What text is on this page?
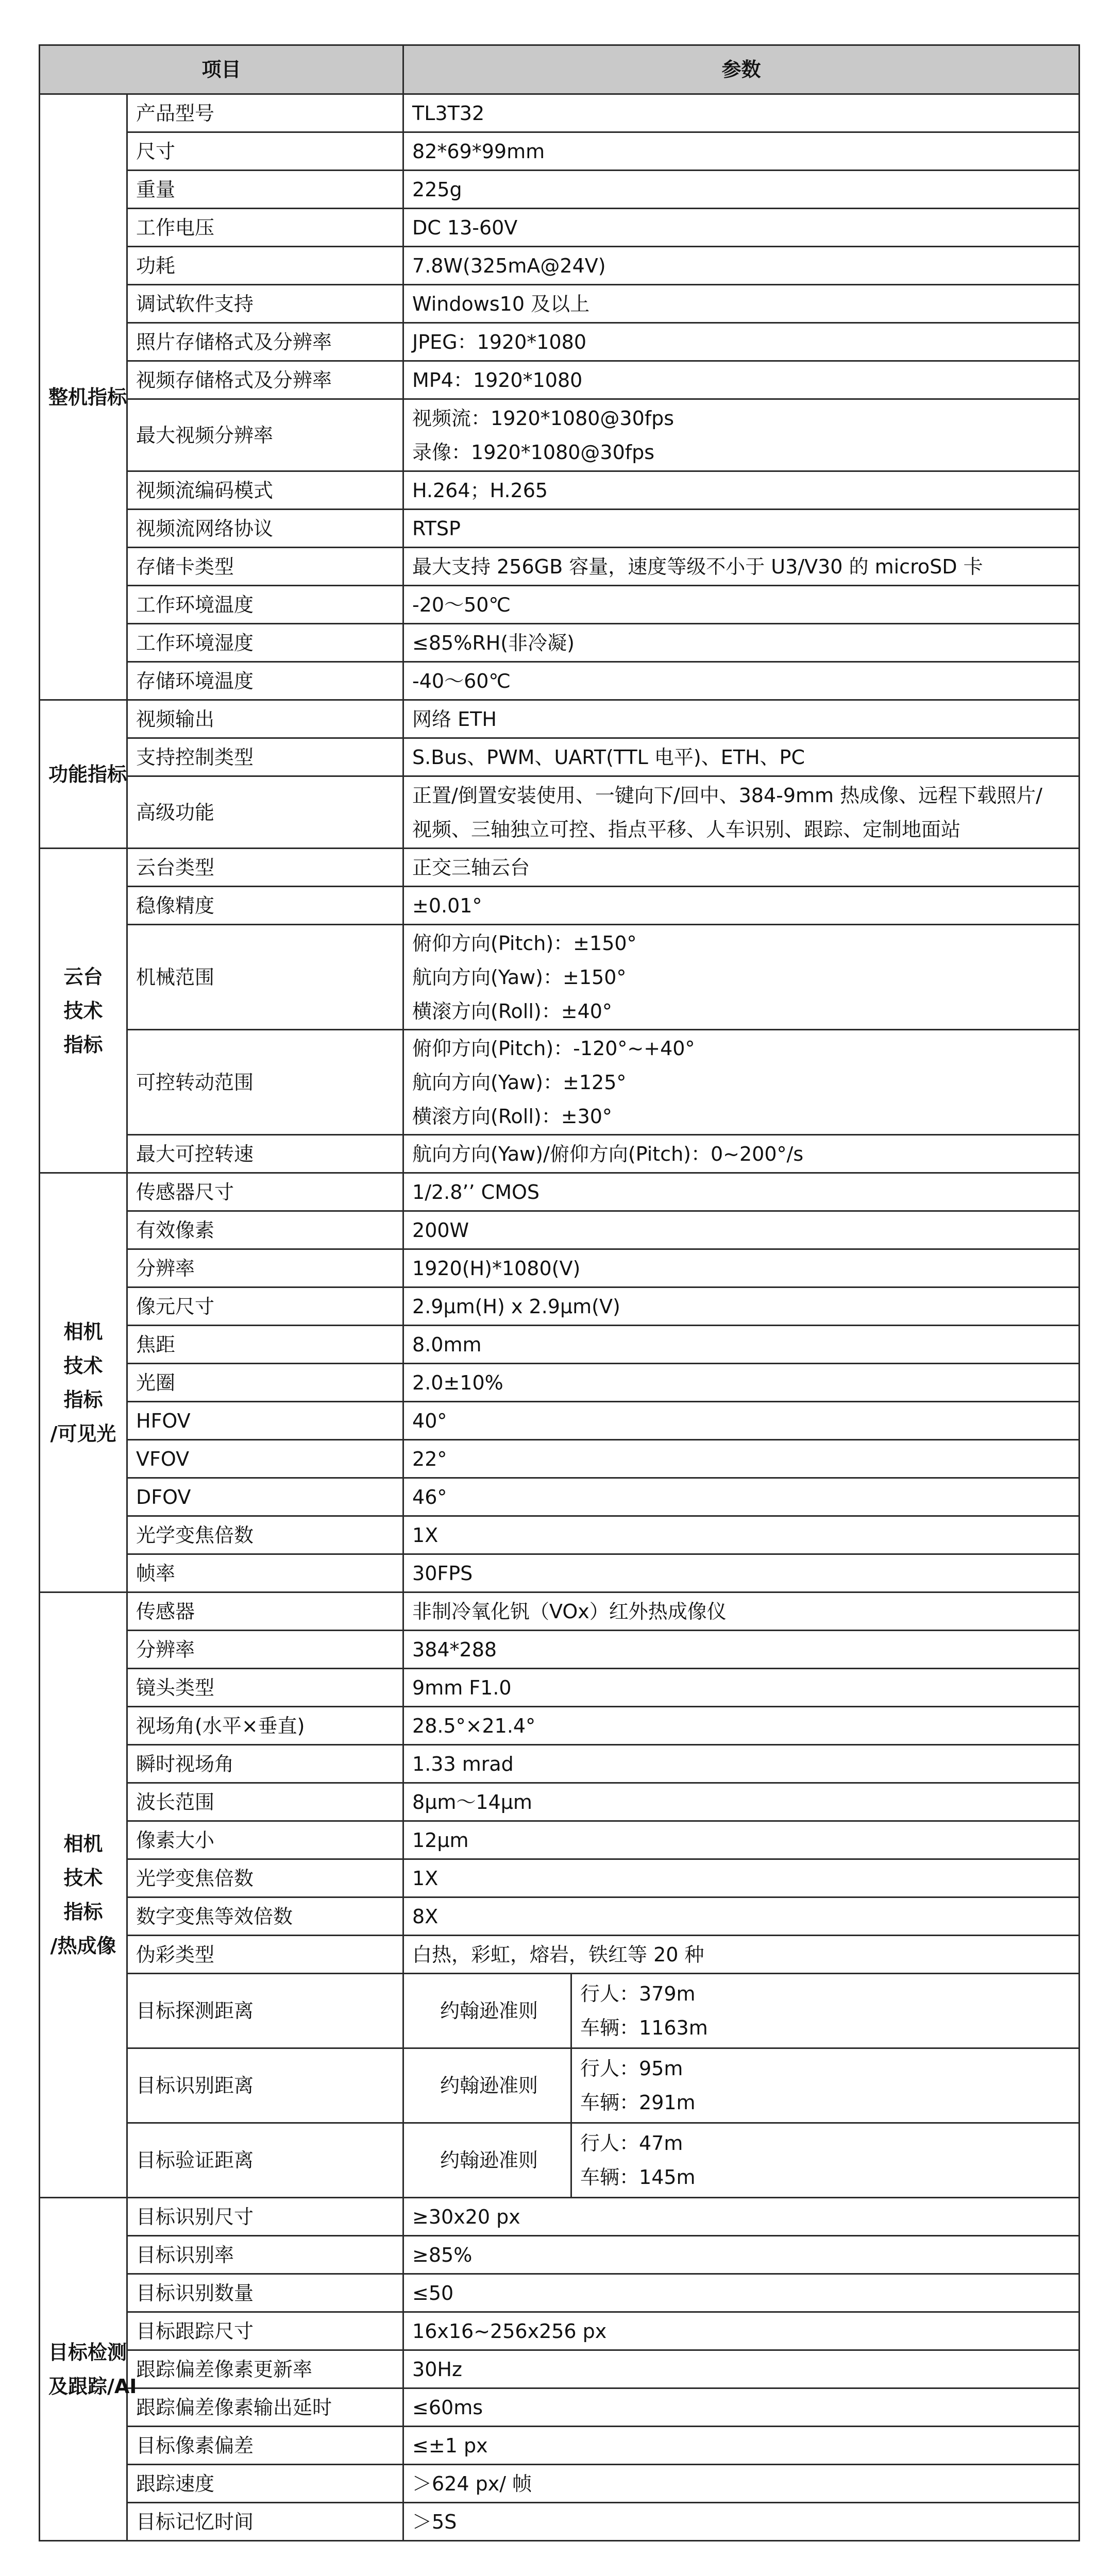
项目		参数	

整机指标	产品型号	TL3T32	
	尺寸	82*69*99mm	
	重量	225g	
	工作电压	DC 13-60V	
	功耗	7.8W(325mA@24V)	
	调试软件支持	Windows10 及以上	
	照片存储格式及分辨率	JPEG：1920*1080	
	视频存储格式及分辨率	MP4：1920*1080	
	最大视频分辨率	视频流：1920*1080@30fps
录像：1920*1080@30fps	

	视频流编码模式	H.264；H.265	
	视频流网络协议	RTSP	
	存储卡类型	最大支持 256GB 容量，速度等级不小于 U3/V30 的 microSD 卡	
	工作环境温度	-20～50℃	
	工作环境湿度	≤85%RH(非冷凝)	
	存储环境温度	-40～60℃	

功能指标	视频输出	网络 ETH	
	支持控制类型	S.Bus、PWM、UART(TTL 电平)、ETH、PC	
	高级功能	正置/倒置安装使用、一键向下/回中、384-9mm 热成像、远程下载照片/
视频、三轴独立可控、指点平移、人车识别、跟踪、定制地面站	

云台
技术
指标	云台类型	正交三轴云台	
	稳像精度	±0.01°	
	机械范围	俯仰方向(Pitch)：±150°
航向方向(Yaw)：±150°
横滚方向(Roll)：±40°	

	可控转动范围	俯仰方向(Pitch)：-120°~+40°
航向方向(Yaw)：±125°
横滚方向(Roll)：±30°	

	最大可控转速	航向方向(Yaw)/俯仰方向(Pitch)：0~200°/s	

相机
技术
指标
/可见光	传感器尺寸	1/2.8’’ CMOS	
	有效像素	200W	
	分辨率	1920(H)*1080(V)	
	像元尺寸	2.9μm(H) x 2.9μm(V)	
	焦距	8.0mm	
	光圈	2.0±10%	
	HFOV	40°	
	VFOV	22°	
	DFOV	46°	
	光学变焦倍数	1X	
	帧率	30FPS	

相机
技术
指标
/热成像	传感器	非制冷氧化钒（VOx）红外热成像仪	
	分辨率	384*288	
	镜头类型	9mm F1.0	
	视场角(水平×垂直)	28.5°×21.4°	
	瞬时视场角	1.33 mrad	
	波长范围	8μm～14μm	
	像素大小	12μm	
	光学变焦倍数	1X	
	数字变焦等效倍数	8X	
	伪彩类型	白热，彩虹，熔岩，铁红等 20 种	
	目标探测距离	约翰逊准则	行人：379m
车辆：1163m

	目标识别距离	约翰逊准则	行人：95m
车辆：291m

	目标验证距离	约翰逊准则	行人：47m
车辆：145m

目标检测
及跟踪/AI	目标识别尺寸	≥30x20 px	
	目标识别率	≥85%	
	目标识别数量	≤50	
	目标跟踪尺寸	16x16~256x256 px	
	跟踪偏差像素更新率	30Hz	
	跟踪偏差像素输出延时	≤60ms	
	目标像素偏差	≤±1 px	
	跟踪速度	＞624 px/ 帧	
	目标记忆时间	＞5S	
